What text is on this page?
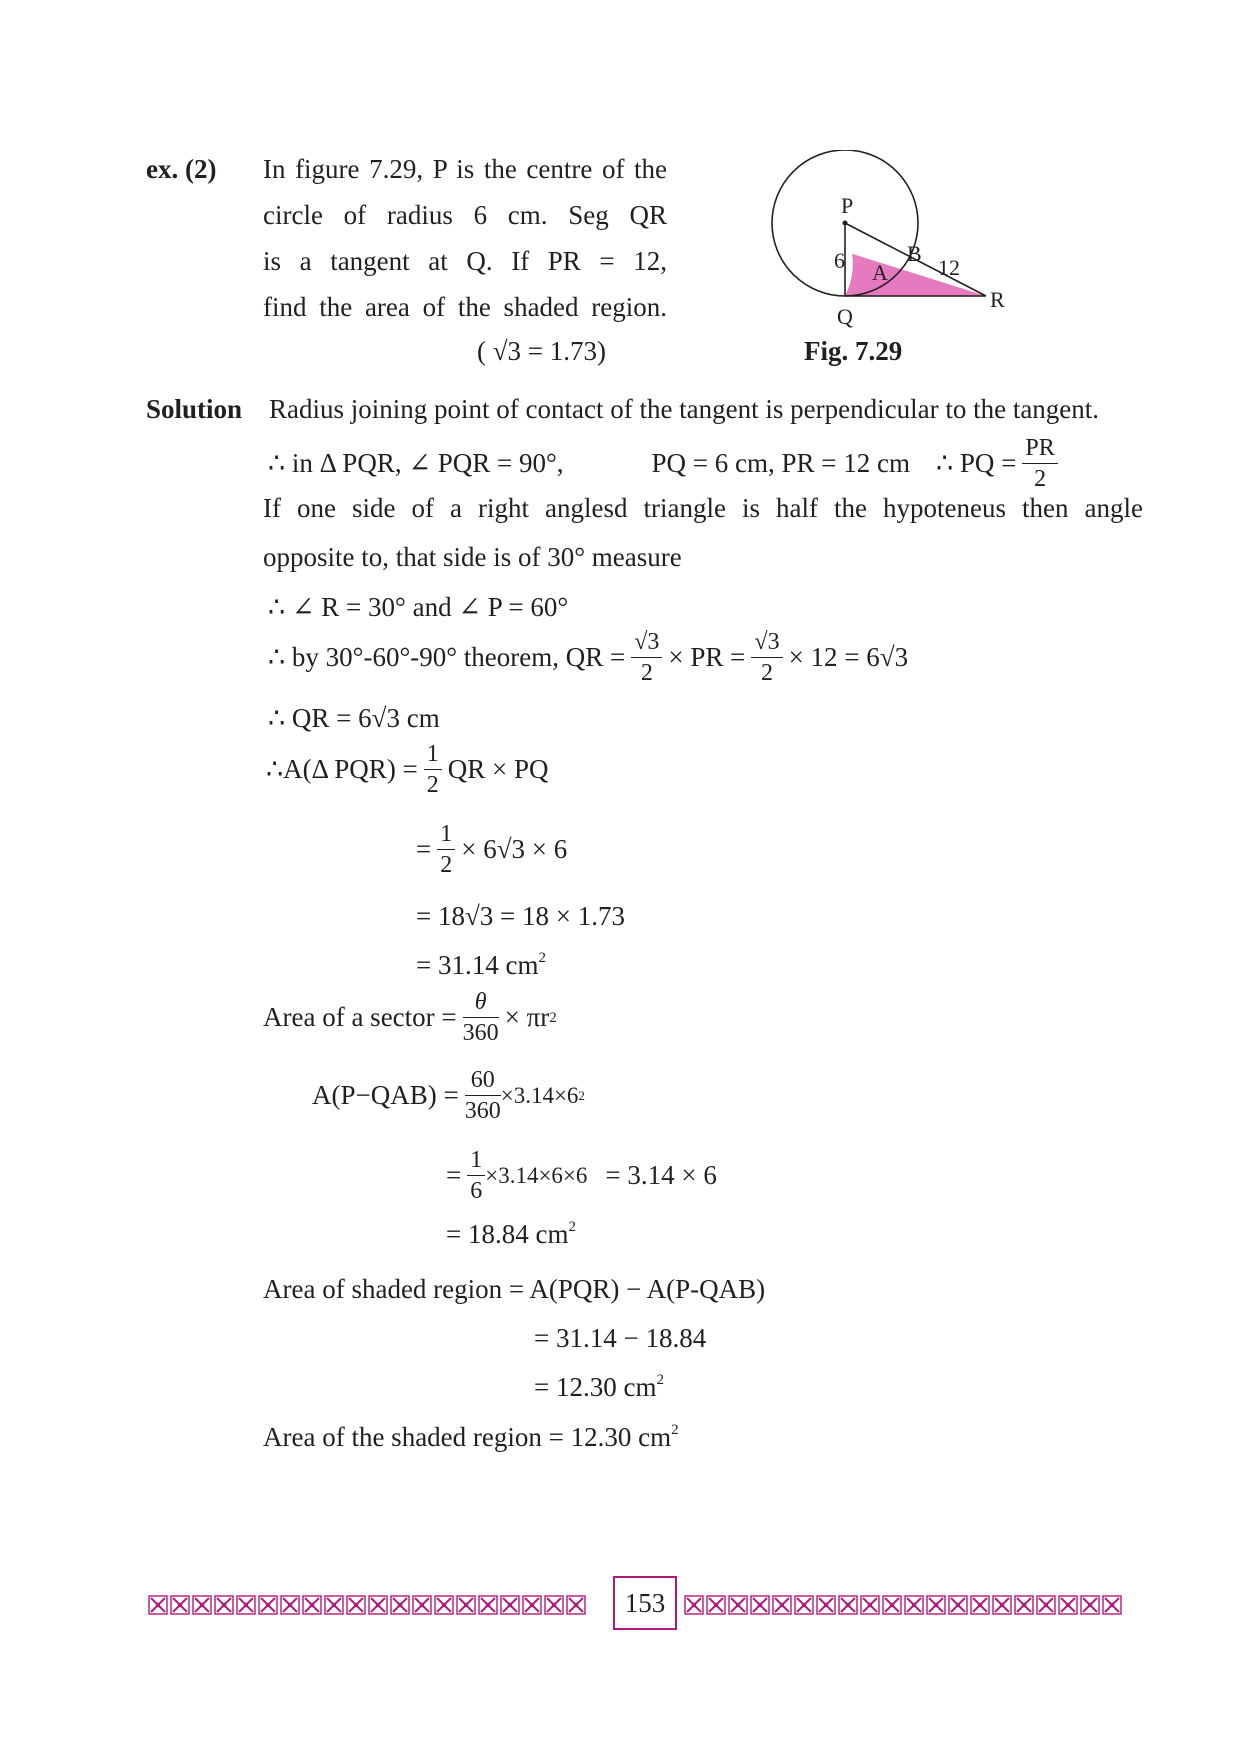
ex. (2) In figure 7.29, P is the centre of the
circle of radius 6 cm. Seg QR
is a tangent at Q. If PR = 12,
find the area of the shaded region.
( √3 = 1.73)
P
Q
R
A
B
6	12
Fig. 7.29
Solution Radius joining point of contact of the tangent is perpendicular to the tangent.
∴ in Δ PQR, ∠ PQR = 90°,	PQ = 6 cm, PR = 12 cm ∴ PQ = $\frac{PR}{2}$
If one side of a right anglesd triangle is half the hypoteneus then angle
opposite to, that side is of 30° measure
∴ ∠ R = 30° and ∠ P = 60°
∴ by 30°-60°-90° theorem, QR = $\frac{√3}{2}$ × PR = $\frac{√3}{2} \times 12 = 6√3$
∴ QR = 6√3 cm
∴A(Δ $PQR) = \frac{1}{2}$ QR × PQ
= $\frac{1}{2} \times 6√3 \times 6$
= 18√3 = 18 × 1.73
= 31.14 $cm^2$
Area of a sector = $\frac{\theta}{360} \times \pi r$ 2
$A(P-QAB) = \frac{60}{360} \times 3.14\times 6$ 2
= $\frac{1}{6} \times 3.14\times 6\times 6 = 3.14 \times 6$
= 18.84 $cm^2$
Area of shaded region = A(PQR) − A(P-QAB)
= 31.14 − 18.84
= 12.30 $cm^2$
Area of the shaded region = 12.30 $cm^2$
153
